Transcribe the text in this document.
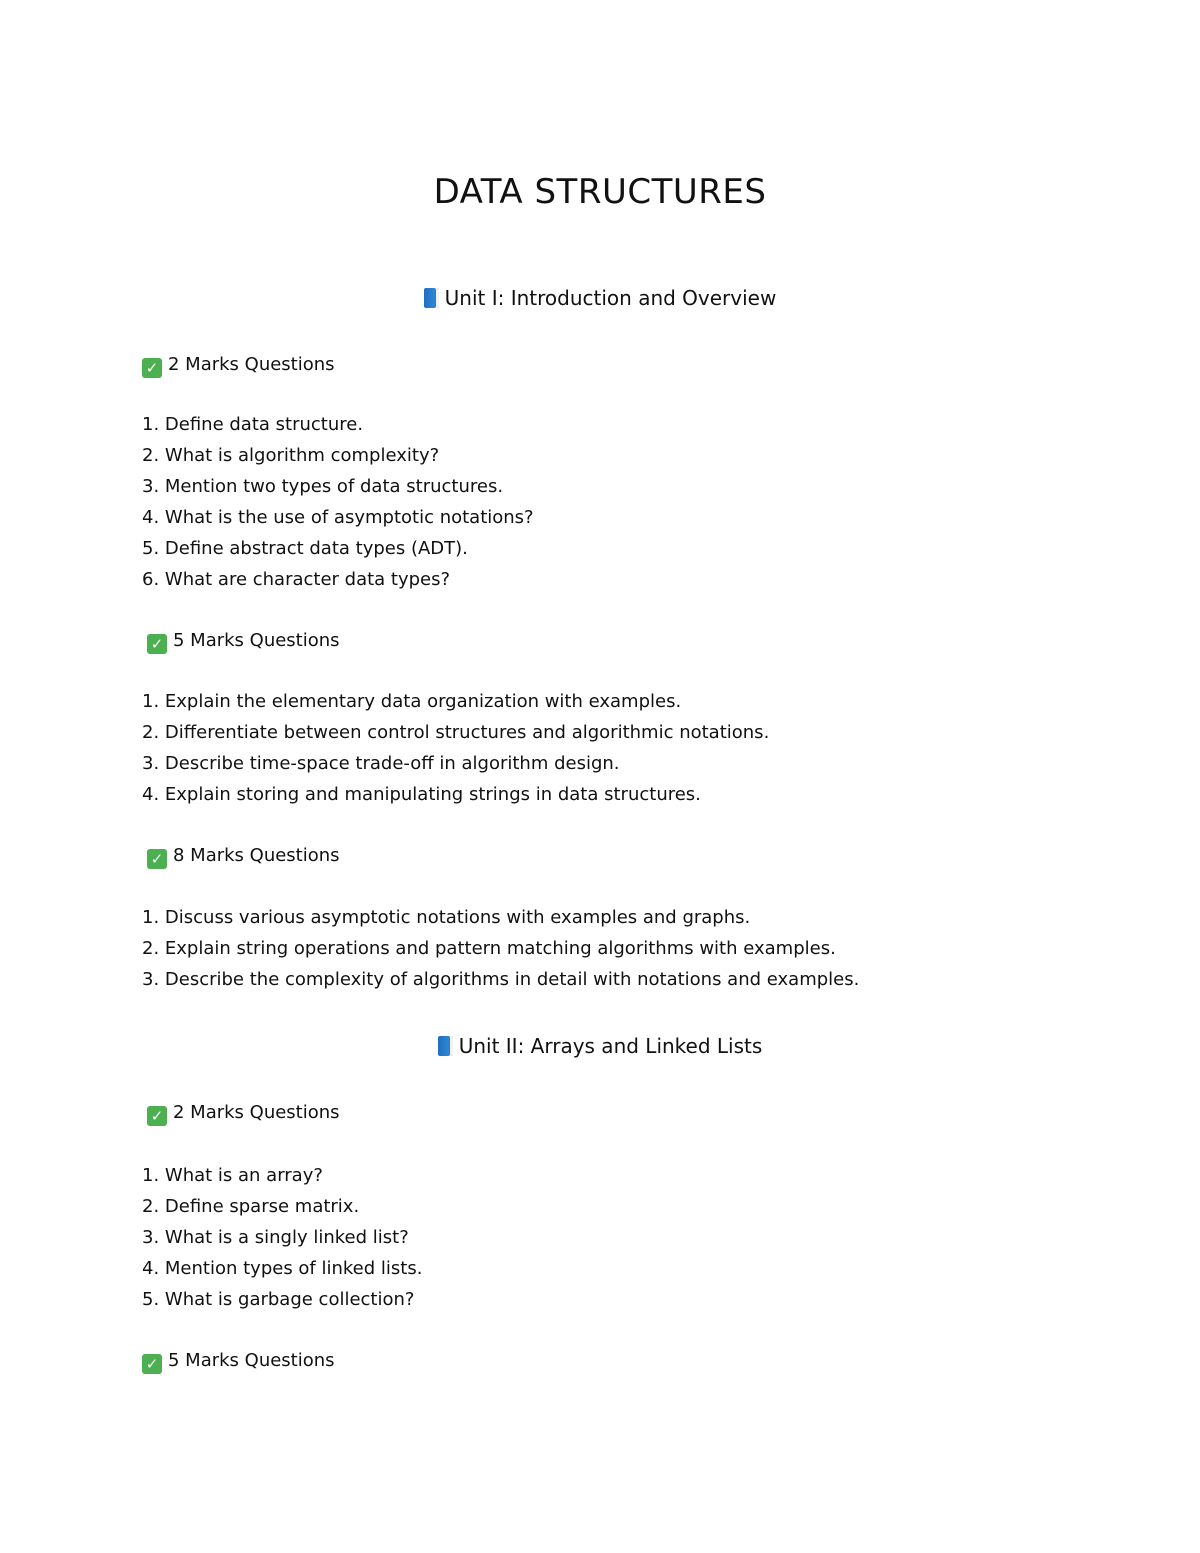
DATA STRUCTURES
Unit I: Introduction and Overview
✓ 2 Marks Questions
1. Define data structure.
2. What is algorithm complexity?
3. Mention two types of data structures.
4. What is the use of asymptotic notations?
5. Define abstract data types (ADT).
6. What are character data types?
✓ 5 Marks Questions
1. Explain the elementary data organization with examples.
2. Differentiate between control structures and algorithmic notations.
3. Describe time-space trade-off in algorithm design.
4. Explain storing and manipulating strings in data structures.
✓ 8 Marks Questions
1. Discuss various asymptotic notations with examples and graphs.
2. Explain string operations and pattern matching algorithms with examples.
3. Describe the complexity of algorithms in detail with notations and examples.
Unit II: Arrays and Linked Lists
✓ 2 Marks Questions
1. What is an array?
2. Define sparse matrix.
3. What is a singly linked list?
4. Mention types of linked lists.
5. What is garbage collection?
✓ 5 Marks Questions
